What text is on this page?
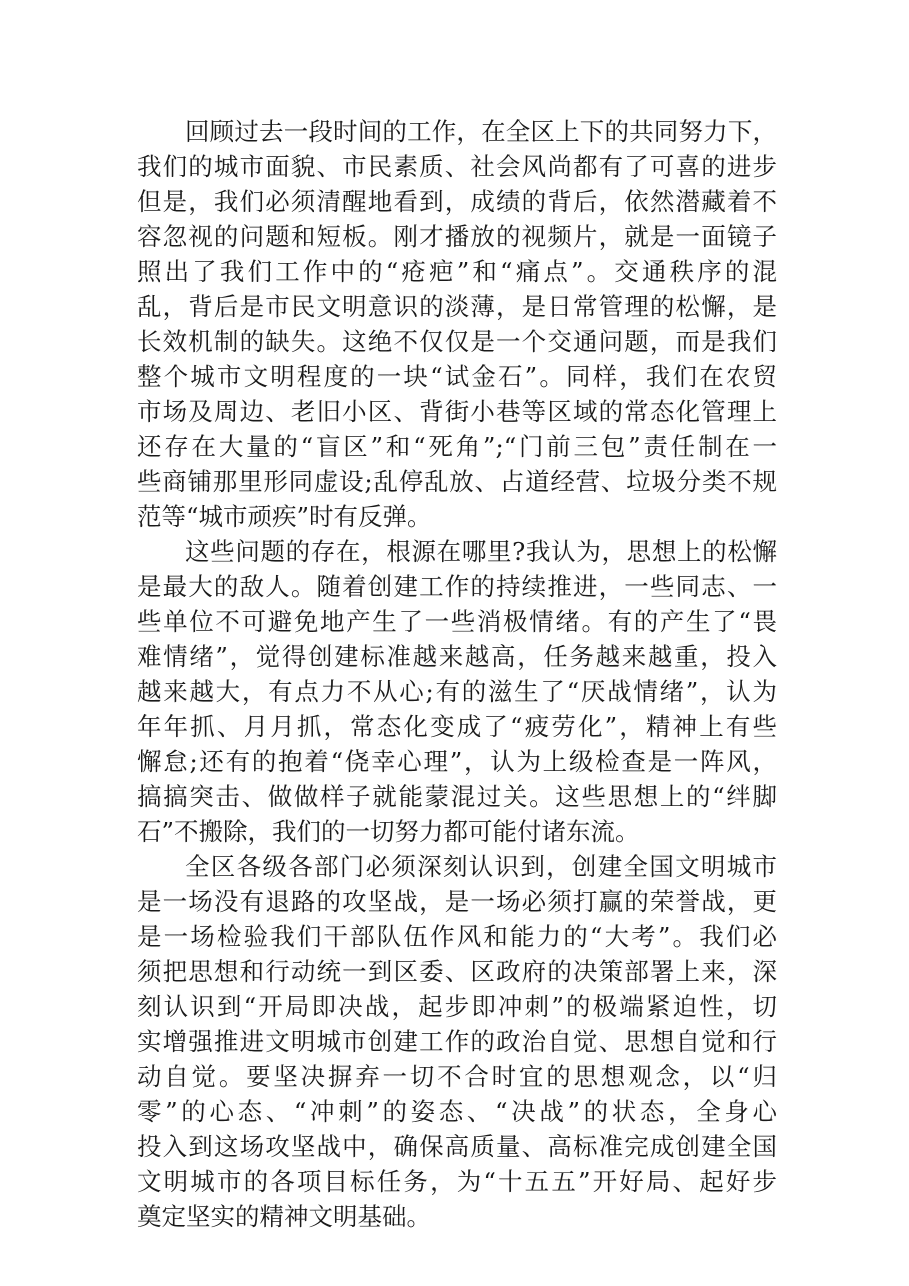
回顾过去一段时间的工作，在全区上下的共同努力下，
我们的城市面貌、市民素质、社会风尚都有了可喜的进步
但是，我们必须清醒地看到，成绩的背后，依然潜藏着不
容忽视的问题和短板。刚才播放的视频片，就是一面镜子
照出了我们工作中的“疮疤”和“痛点”。交通秩序的混
乱，背后是市民文明意识的淡薄，是日常管理的松懈，是
长效机制的缺失。这绝不仅仅是一个交通问题，而是我们
整个城市文明程度的一块“试金石”。同样，我们在农贸
市场及周边、老旧小区、背街小巷等区域的常态化管理上
还存在大量的“盲区”和“死角”;“门前三包”责任制在一
些商铺那里形同虚设;乱停乱放、占道经营、垃圾分类不规
范等“城市顽疾”时有反弹。
这些问题的存在，根源在哪里?我认为，思想上的松懈
是最大的敌人。随着创建工作的持续推进，一些同志、一
些单位不可避免地产生了一些消极情绪。有的产生了“畏
难情绪”，觉得创建标准越来越高，任务越来越重，投入
越来越大，有点力不从心;有的滋生了“厌战情绪”，认为
年年抓、月月抓，常态化变成了“疲劳化”，精神上有些
懈怠;还有的抱着“侥幸心理”，认为上级检查是一阵风，
搞搞突击、做做样子就能蒙混过关。这些思想上的“绊脚
石”不搬除，我们的一切努力都可能付诸东流。
全区各级各部门必须深刻认识到，创建全国文明城市
是一场没有退路的攻坚战，是一场必须打赢的荣誉战，更
是一场检验我们干部队伍作风和能力的“大考”。我们必
须把思想和行动统一到区委、区政府的决策部署上来，深
刻认识到“开局即决战，起步即冲刺”的极端紧迫性，切
实增强推进文明城市创建工作的政治自觉、思想自觉和行
动自觉。要坚决摒弃一切不合时宜的思想观念，以“归
零”的心态、“冲刺”的姿态、“决战”的状态，全身心
投入到这场攻坚战中，确保高质量、高标准完成创建全国
文明城市的各项目标任务，为“十五五”开好局、起好步
奠定坚实的精神文明基础。
